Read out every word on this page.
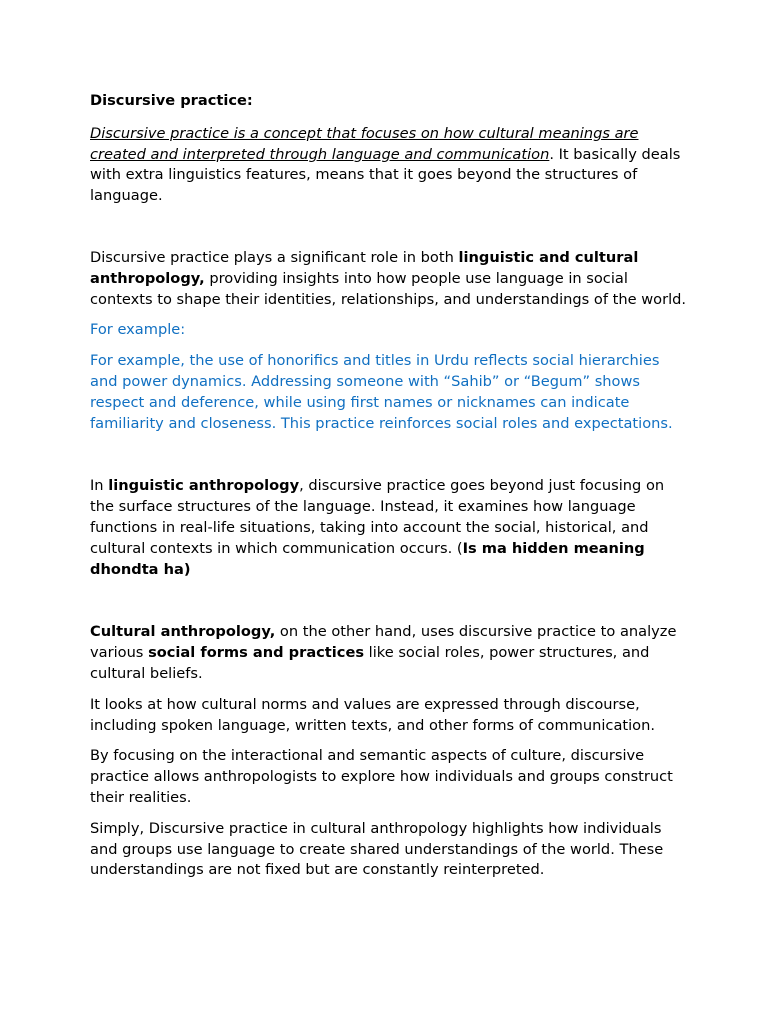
Discursive practice:

Discursive practice is a concept that focuses on how cultural meanings are created and interpreted through language and communication. It basically deals with extra linguistics features, means that it goes beyond the structures of language.

Discursive practice plays a significant role in both linguistic and cultural anthropology, providing insights into how people use language in social contexts to shape their identities, relationships, and understandings of the world.

For example:

For example, the use of honorifics and titles in Urdu reflects social hierarchies and power dynamics. Addressing someone with “Sahib” or “Begum” shows respect and deference, while using first names or nicknames can indicate familiarity and closeness. This practice reinforces social roles and expectations.

In linguistic anthropology, discursive practice goes beyond just focusing on the surface structures of the language. Instead, it examines how language functions in real-life situations, taking into account the social, historical, and cultural contexts in which communication occurs. (Is ma hidden meaning dhondta ha)

Cultural anthropology, on the other hand, uses discursive practice to analyze various social forms and practices like social roles, power structures, and cultural beliefs.

It looks at how cultural norms and values are expressed through discourse, including spoken language, written texts, and other forms of communication.

By focusing on the interactional and semantic aspects of culture, discursive practice allows anthropologists to explore how individuals and groups construct their realities.

Simply, Discursive practice in cultural anthropology highlights how individuals and groups use language to create shared understandings of the world. These understandings are not fixed but are constantly reinterpreted.
